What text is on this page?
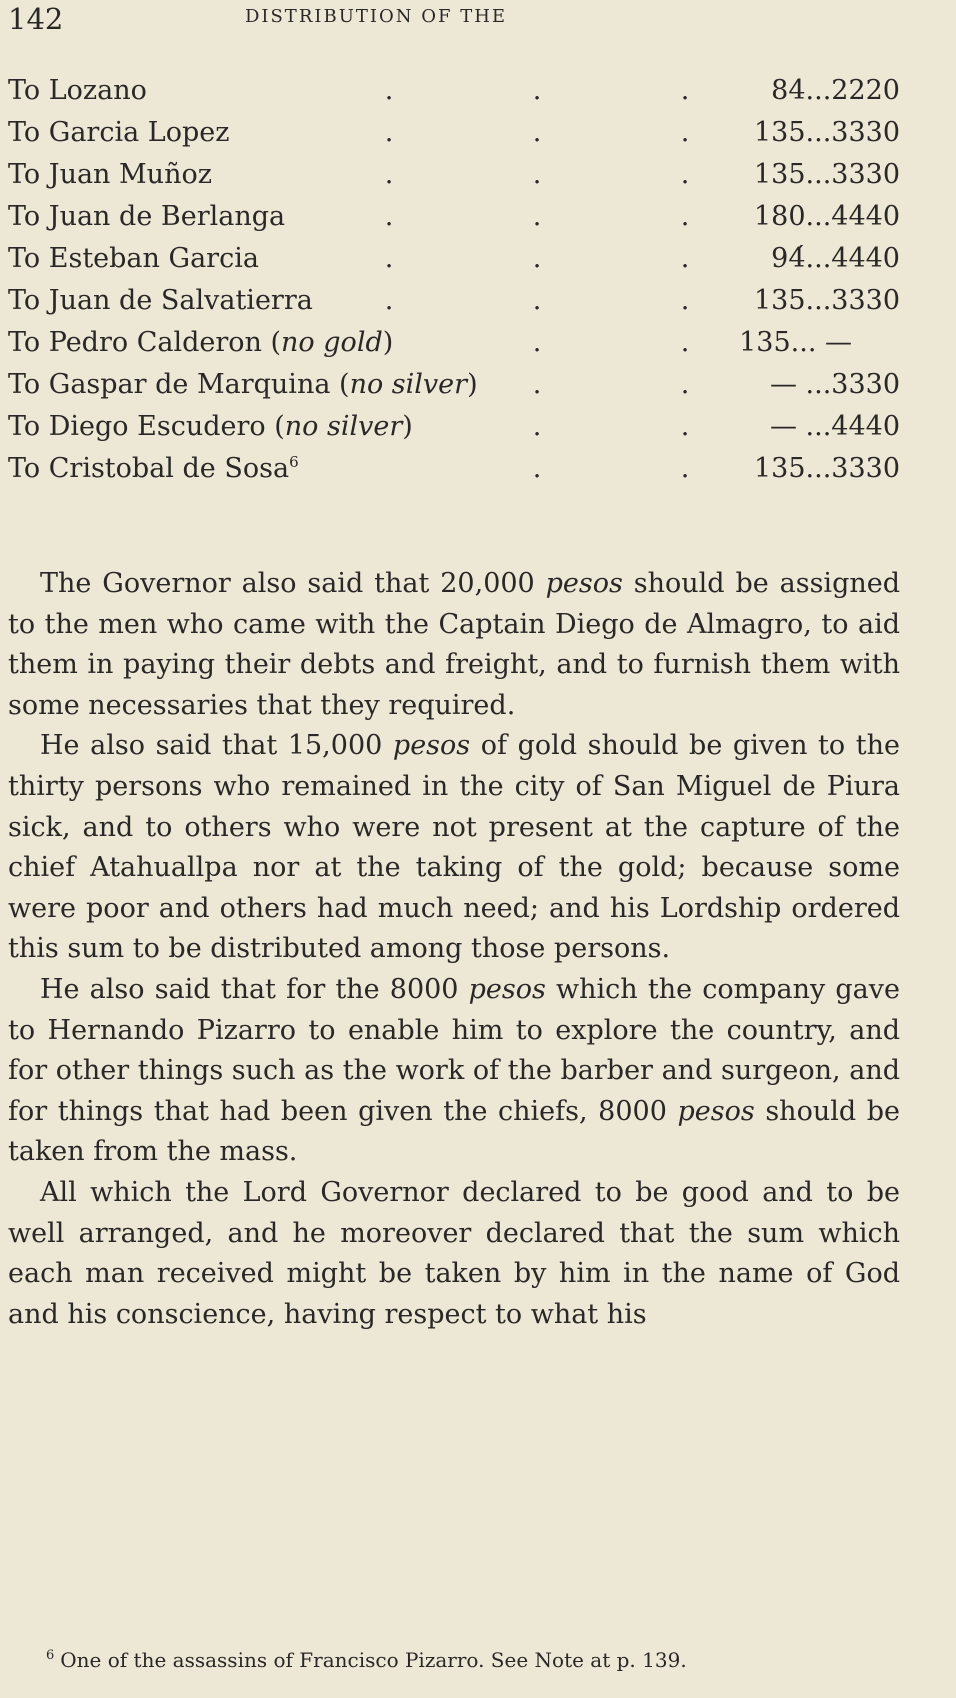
142	DISTRIBUTION OF THE
To Lozano	.	.	.	84...2220
To Garcia Lopez	.	.	. 135...3330
To Juan Muñoz	.	.	. 135...3330
To Juan de Berlanga	.	.	. 180...4440
To Esteban Garcia	.	.	.	94́...4440
To Juan de Salvatierra	.	.	. 135...3330
To Pedro Calderon (no gold)	.	. 135... —
To Gaspar de Marquina (no silver) .	.	— ...3330
To Diego Escudero (no silver)	.	.	— ...4440
To Cristobal de Sosa$^6$	.	. 135...3330

The Governor also said that 20,000 pesos should be assigned to the men who came with the Captain Diego de Almagro, to aid them in paying their debts and freight, and to furnish them with some necessaries that they required.

He also said that 15,000 pesos of gold should be given to the thirty persons who remained in the city of San Miguel de Piura sick, and to others who were not present at the capture of the chief Atahuallpa nor at the taking of the gold; because some were poor and others had much need; and his Lordship ordered this sum to be distributed among those persons.

He also said that for the 8000 pesos which the company gave to Hernando Pizarro to enable him to explore the country, and for other things such as the work of the barber and surgeon, and for things that had been given the chiefs, 8000 pesos should be taken from the mass.

All which the Lord Governor declared to be good and to be well arranged, and he moreover declared that the sum which each man received might be taken by him in the name of God and his conscience, having respect to what his

$^6$ One of the assassins of Francisco Pizarro. See Note at p. 139.
